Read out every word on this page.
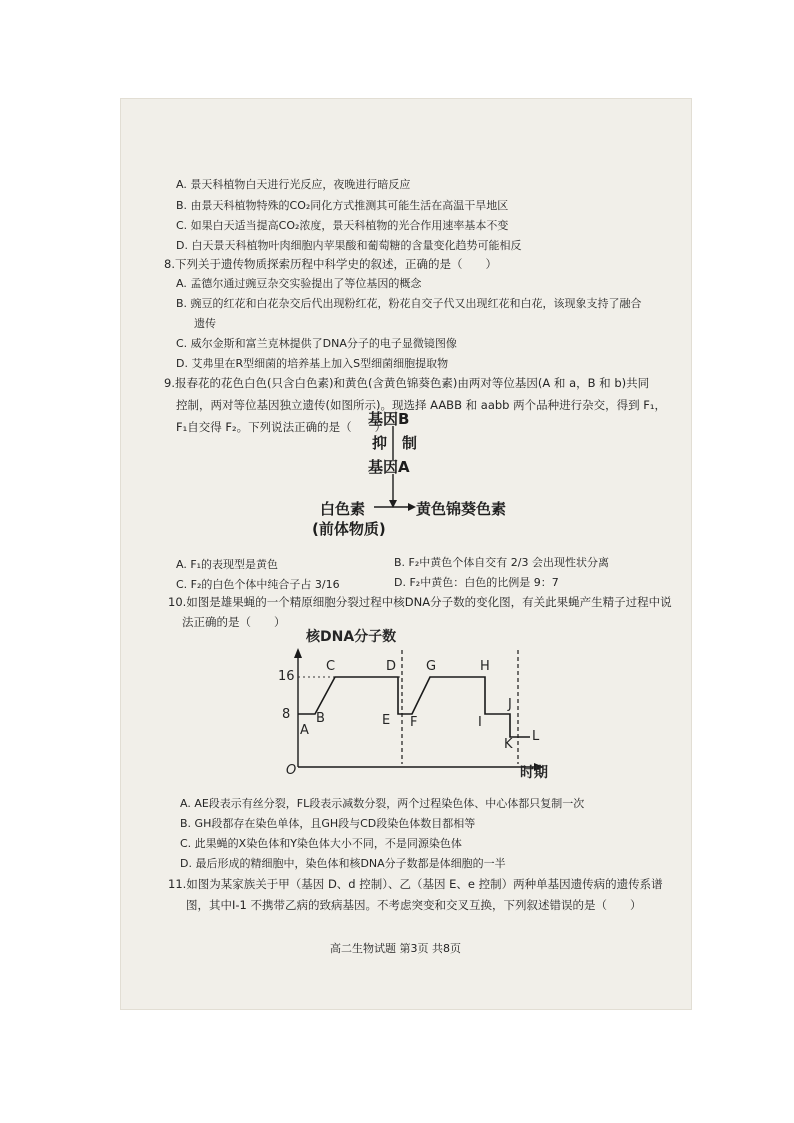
A. 景天科植物白天进行光反应，夜晚进行暗反应
B. 由景天科植物特殊的CO₂同化方式推测其可能生活在高温干旱地区
C. 如果白天适当提高CO₂浓度，景天科植物的光合作用速率基本不变
D. 白天景天科植物叶肉细胞内苹果酸和葡萄糖的含量变化趋势可能相反
8.下列关于遗传物质探索历程中科学史的叙述，正确的是（　　）
A. 孟德尔通过豌豆杂交实验提出了等位基因的概念
B. 豌豆的红花和白花杂交后代出现粉红花，粉花自交子代又出现红花和白花，该现象支持了融合
遗传
C. 威尔金斯和富兰克林提供了DNA分子的电子显微镜图像
D. 艾弗里在R型细菌的培养基上加入S型细菌细胞提取物
9.报春花的花色白色(只含白色素)和黄色(含黄色锦葵色素)由两对等位基因(A 和 a，B 和 b)共同
控制，两对等位基因独立遗传(如图所示)。现选择 AABB 和 aabb 两个品种进行杂交，得到 F₁，
F₁自交得 F₂。下列说法正确的是（　　）
基因B
抑　制
基因A
白色素
(前体物质)
黄色锦葵色素
A. F₁的表现型是黄色	B. F₂中黄色个体自交有 2/3 会出现性状分离
C. F₂的白色个体中纯合子占 3/16	D. F₂中黄色：白色的比例是 9：7
10.如图是雄果蝇的一个精原细胞分裂过程中核DNA分子数的变化图，有关此果蝇产生精子过程中说
法正确的是（　　）
核DNA分子数
16
8
O	时期
A
B
C	D
E F
G	H
I
J
K
L
A. AE段表示有丝分裂，FL段表示减数分裂，两个过程染色体、中心体都只复制一次
B. GH段都存在染色单体，且GH段与CD段染色体数目都相等
C. 此果蝇的X染色体和Y染色体大小不同，不是同源染色体
D. 最后形成的精细胞中，染色体和核DNA分子数都是体细胞的一半
11.如图为某家族关于甲（基因 D、d 控制）、乙（基因 E、e 控制）两种单基因遗传病的遗传系谱
图，其中Ⅰ-1 不携带乙病的致病基因。不考虑突变和交叉互换，下列叙述错误的是（　　）
高二生物试题 第3页 共8页
